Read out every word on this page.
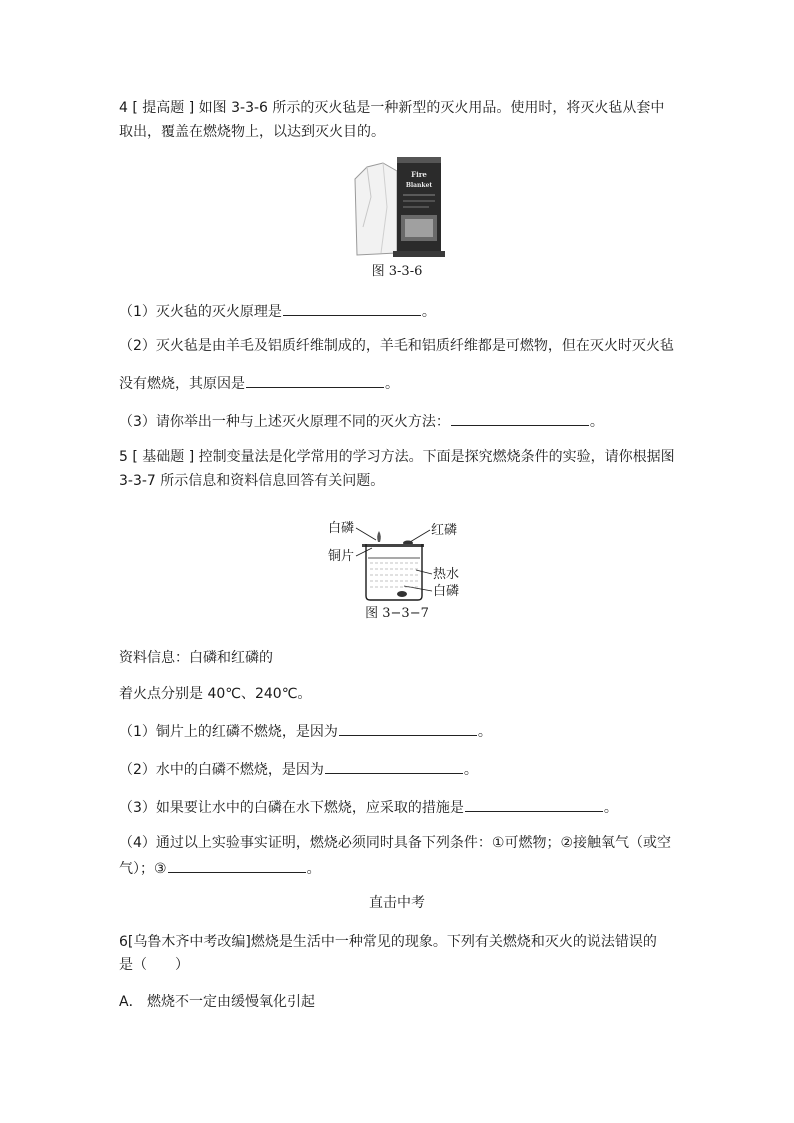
4 [ 提高题 ] 如图 3-3-6 所示的灭火毡是一种新型的灭火用品。使用时，将灭火毡从套中
取出，覆盖在燃烧物上，以达到灭火目的。
Fire
Blanket
图 3-3-6
（1）灭火毡的灭火原理是	。
（2）灭火毡是由羊毛及铝质纤维制成的，羊毛和铝质纤维都是可燃物，但在灭火时灭火毡
没有燃烧，其原因是	。
（3）请你举出一种与上述灭火原理不同的灭火方法：	。
5 [ 基础题 ] 控制变量法是化学常用的学习方法。下面是探究燃烧条件的实验，请你根据图
3-3-7 所示信息和资料信息回答有关问题。
白磷	红磷
铜片
热水
白磷
图 3−3−7
资料信息：白磷和红磷的
着火点分别是 40℃、240℃。
（1）铜片上的红磷不燃烧，是因为	。
（2）水中的白磷不燃烧，是因为	。
（3）如果要让水中的白磷在水下燃烧，应采取的措施是	。
（4）通过以上实验事实证明，燃烧必须同时具备下列条件：①可燃物；②接触氧气（或空
气）；③	。
直击中考
6[乌鲁木齐中考改编]燃烧是生活中一种常见的现象。下列有关燃烧和灭火的说法错误的
是（　　）
A． 燃烧不一定由缓慢氧化引起
